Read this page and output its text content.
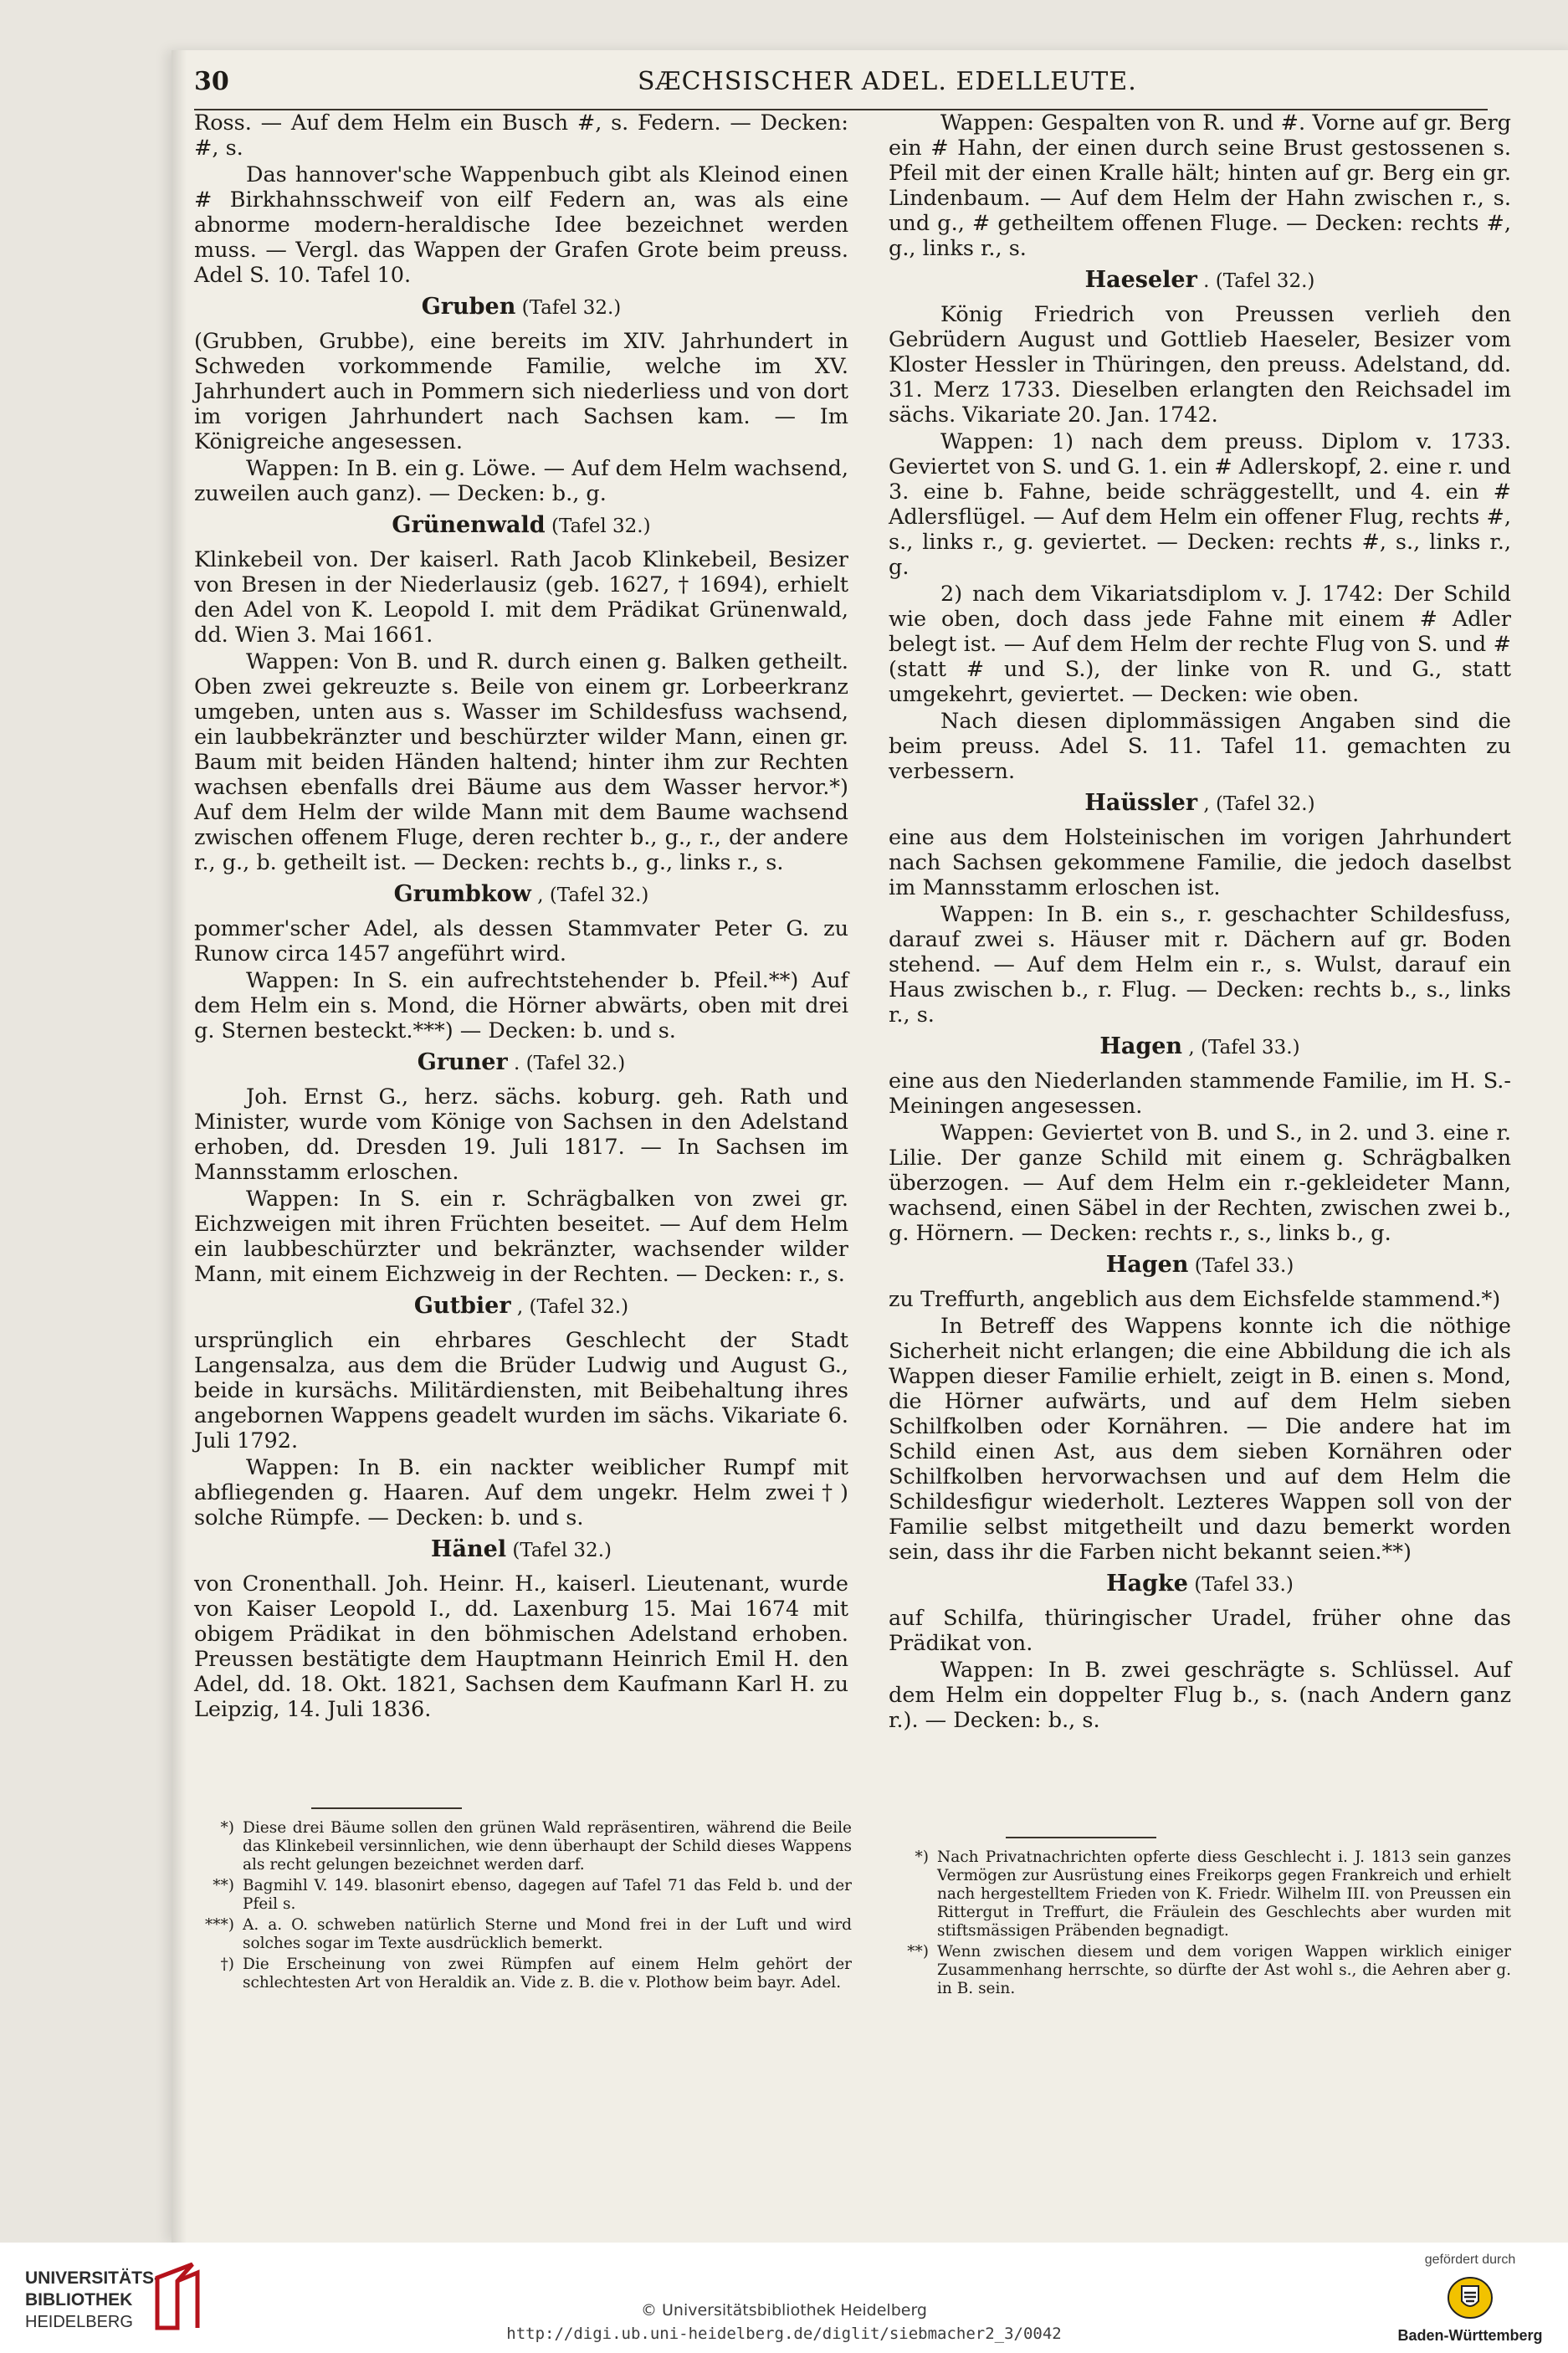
30	SÆCHSISCHER ADEL. EDELLEUTE.

Ross. — Auf dem Helm ein Busch #, s. Federn. — Decken: #, s.

Das hannover'sche Wappenbuch gibt als Kleinod einen # Birkhahnsschweif von eilf Federn an, was als eine abnorme modern-heraldische Idee bezeichnet werden muss. — Vergl. das Wappen der Grafen Grote beim preuss. Adel S. 10. Tafel 10.

Gruben (Tafel 32.)

(Grubben, Grubbe), eine bereits im XIV. Jahrhundert in Schweden vorkommende Familie, welche im XV. Jahrhundert auch in Pommern sich niederliess und von dort im vorigen Jahrhundert nach Sachsen kam. — Im Königreiche angesessen.

Wappen: In B. ein g. Löwe. — Auf dem Helm wachsend, zuweilen auch ganz). — Decken: b., g.

Grünenwald (Tafel 32.)

Klinkebeil von. Der kaiserl. Rath Jacob Klinkebeil, Besizer von Bresen in der Niederlausiz (geb. 1627, † 1694), erhielt den Adel von K. Leopold I. mit dem Prädikat Grünenwald, dd. Wien 3. Mai 1661.

Wappen: Von B. und R. durch einen g. Balken getheilt. Oben zwei gekreuzte s. Beile von einem gr. Lorbeerkranz umgeben, unten aus s. Wasser im Schildesfuss wachsend, ein laubbekränzter und beschürzter wilder Mann, einen gr. Baum mit beiden Händen haltend; hinter ihm zur Rechten wachsen ebenfalls drei Bäume aus dem Wasser hervor.*) Auf dem Helm der wilde Mann mit dem Baume wachsend zwischen offenem Fluge, deren rechter b., g., r., der andere r., g., b. getheilt ist. — Decken: rechts b., g., links r., s.

Grumbkow , (Tafel 32.)

pommer'scher Adel, als dessen Stammvater Peter G. zu Runow circa 1457 angeführt wird.

Wappen: In S. ein aufrechtstehender b. Pfeil.**) Auf dem Helm ein s. Mond, die Hörner abwärts, oben mit drei g. Sternen besteckt.***) — Decken: b. und s.

Gruner . (Tafel 32.)

Joh. Ernst G., herz. sächs. koburg. geh. Rath und Minister, wurde vom Könige von Sachsen in den Adelstand erhoben, dd. Dresden 19. Juli 1817. — In Sachsen im Mannsstamm erloschen.

Wappen: In S. ein r. Schrägbalken von zwei gr. Eichzweigen mit ihren Früchten beseitet. — Auf dem Helm ein laubbeschürzter und bekränzter, wachsender wilder Mann, mit einem Eichzweig in der Rechten. — Decken: r., s.

Gutbier , (Tafel 32.)

ursprünglich ein ehrbares Geschlecht der Stadt Langensalza, aus dem die Brüder Ludwig und August G., beide in kursächs. Militärdiensten, mit Beibehaltung ihres angebornen Wappens geadelt wurden im sächs. Vikariate 6. Juli 1792.

Wappen: In B. ein nackter weiblicher Rumpf mit abfliegenden g. Haaren. Auf dem ungekr. Helm zwei†) solche Rümpfe. — Decken: b. und s.

Hänel (Tafel 32.)

von Cronenthall. Joh. Heinr. H., kaiserl. Lieutenant, wurde von Kaiser Leopold I., dd. Laxenburg 15. Mai 1674 mit obigem Prädikat in den böhmischen Adelstand erhoben. Preussen bestätigte dem Hauptmann Heinrich Emil H. den Adel, dd. 18. Okt. 1821, Sachsen dem Kaufmann Karl H. zu Leipzig, 14. Juli 1836.

Wappen: Gespalten von R. und #. Vorne auf gr. Berg ein # Hahn, der einen durch seine Brust gestossenen s. Pfeil mit der einen Kralle hält; hinten auf gr. Berg ein gr. Lindenbaum. — Auf dem Helm der Hahn zwischen r., s. und g., # getheiltem offenen Fluge. — Decken: rechts #, g., links r., s.

Haeseler . (Tafel 32.)

König Friedrich von Preussen verlieh den Gebrüdern August und Gottlieb Haeseler, Besizer vom Kloster Hessler in Thüringen, den preuss. Adelstand, dd. 31. Merz 1733. Dieselben erlangten den Reichsadel im sächs. Vikariate 20. Jan. 1742.

Wappen: 1) nach dem preuss. Diplom v. 1733. Geviertet von S. und G. 1. ein # Adlerskopf, 2. eine r. und 3. eine b. Fahne, beide schräggestellt, und 4. ein # Adlersflügel. — Auf dem Helm ein offener Flug, rechts #, s., links r., g. geviertet. — Decken: rechts #, s., links r., g.

2) nach dem Vikariatsdiplom v. J. 1742: Der Schild wie oben, doch dass jede Fahne mit einem # Adler belegt ist. — Auf dem Helm der rechte Flug von S. und # (statt # und S.), der linke von R. und G., statt umgekehrt, geviertet. — Decken: wie oben.

Nach diesen diplommässigen Angaben sind die beim preuss. Adel S. 11. Tafel 11. gemachten zu verbessern.

Haüssler , (Tafel 32.)

eine aus dem Holsteinischen im vorigen Jahrhundert nach Sachsen gekommene Familie, die jedoch daselbst im Mannsstamm erloschen ist.

Wappen: In B. ein s., r. geschachter Schildesfuss, darauf zwei s. Häuser mit r. Dächern auf gr. Boden stehend. — Auf dem Helm ein r., s. Wulst, darauf ein Haus zwischen b., r. Flug. — Decken: rechts b., s., links r., s.

Hagen , (Tafel 33.)

eine aus den Niederlanden stammende Familie, im H. S.-Meiningen angesessen.

Wappen: Geviertet von B. und S., in 2. und 3. eine r. Lilie. Der ganze Schild mit einem g. Schrägbalken überzogen. — Auf dem Helm ein r.-gekleideter Mann, wachsend, einen Säbel in der Rechten, zwischen zwei b., g. Hörnern. — Decken: rechts r., s., links b., g.

Hagen (Tafel 33.)

zu Treffurth, angeblich aus dem Eichsfelde stammend.*)

In Betreff des Wappens konnte ich die nöthige Sicherheit nicht erlangen; die eine Abbildung die ich als Wappen dieser Familie erhielt, zeigt in B. einen s. Mond, die Hörner aufwärts, und auf dem Helm sieben Schilfkolben oder Kornähren. — Die andere hat im Schild einen Ast, aus dem sieben Kornähren oder Schilfkolben hervorwachsen und auf dem Helm die Schildesfigur wiederholt. Lezteres Wappen soll von der Familie selbst mitgetheilt und dazu bemerkt worden sein, dass ihr die Farben nicht bekannt seien.**)

Hagke (Tafel 33.)

auf Schilfa, thüringischer Uradel, früher ohne das Prädikat von.

Wappen: In B. zwei geschrägte s. Schlüssel. Auf dem Helm ein doppelter Flug b., s. (nach Andern ganz r.). — Decken: b., s.

*) Diese drei Bäume sollen den grünen Wald repräsentiren, während die Beile das Klinkebeil versinnlichen, wie denn überhaupt der Schild dieses Wappens als recht gelungen bezeichnet werden darf.
**) Bagmihl V. 149. blasonirt ebenso, dagegen auf Tafel 71 das Feld b. und der Pfeil s.
***) A. a. O. schweben natürlich Sterne und Mond frei in der Luft und wird solches sogar im Texte ausdrücklich bemerkt.
†) Die Erscheinung von zwei Rümpfen auf einem Helm gehört der schlechtesten Art von Heraldik an. Vide z. B. die v. Plothow beim bayr. Adel.
*) Nach Privatnachrichten opferte diess Geschlecht i. J. 1813 sein ganzes Vermögen zur Ausrüstung eines Freikorps gegen Frankreich und erhielt nach hergestelltem Frieden von K. Friedr. Wilhelm III. von Preussen ein Rittergut in Treffurt, die Fräulein des Geschlechts aber wurden mit stiftsmässigen Präbenden begnadigt.
**) Wenn zwischen diesem und dem vorigen Wappen wirklich einiger Zusammenhang herrschte, so dürfte der Ast wohl s., die Aehren aber g. in B. sein.
UNIVERSITÄTS-
BIBLIOTHEK
HEIDELBERG
© Universitätsbibliothek Heidelberg
http://digi.ub.uni-heidelberg.de/diglit/siebmacher2_3/0042
gefördert durch
Baden-Württemberg
